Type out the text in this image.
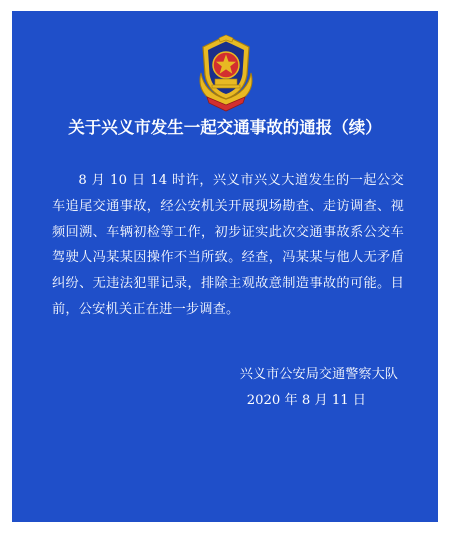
关于兴义市发生一起交通事故的通报（续）
8 月 10 日 14 时许，兴义市兴义大道发生的一起公交车追尾交通事故，经公安机关开展现场勘查、走访调查、视频回溯、车辆初检等工作，初步证实此次交通事故系公交车驾驶人冯某某因操作不当所致。经查，冯某某与他人无矛盾纠纷、无违法犯罪记录，排除主观故意制造事故的可能。目前，公安机关正在进一步调查。
兴义市公安局交通警察大队
2020 年 8 月 11 日
